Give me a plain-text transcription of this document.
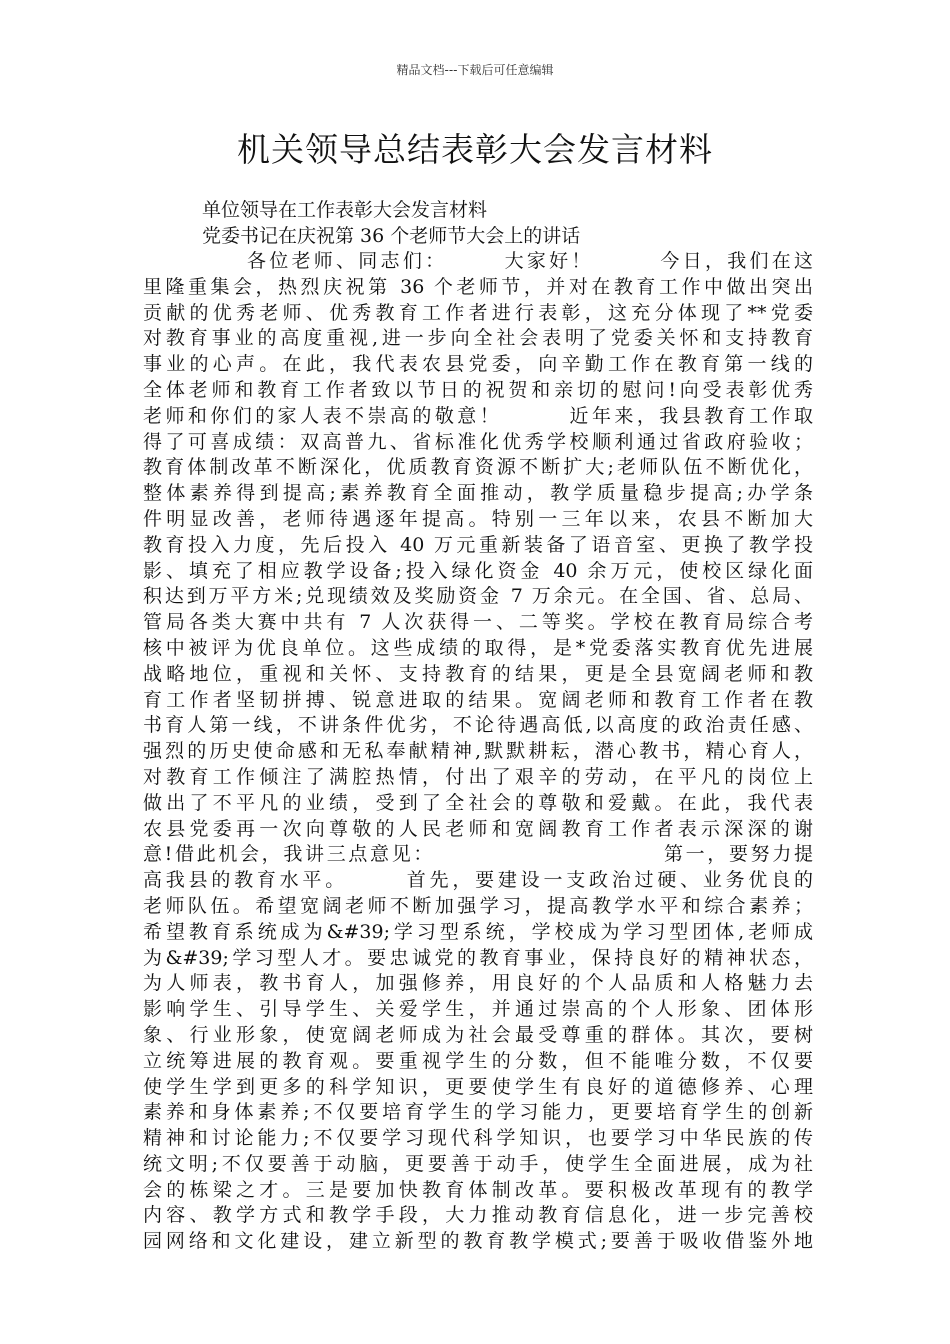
精品文档---下载后可任意编辑
机关领导总结表彰大会发言材料
单位领导在工作表彰大会发言材料
党委书记在庆祝第 36 个老师节大会上的讲话
各位老师、同志们：　　　大家好！　　　今日，我们在这
里隆重集会，热烈庆祝第 36 个老师节，并对在教育工作中做出突出
贡献的优秀老师、优秀教育工作者进行表彰，这充分体现了**党委
对教育事业的高度重视,进一步向全社会表明了党委关怀和支持教育
事业的心声。在此，我代表农县党委，向辛勤工作在教育第一线的
全体老师和教育工作者致以节日的祝贺和亲切的慰问!向受表彰优秀
老师和你们的家人表不崇高的敬意！　　　近年来，我县教育工作取
得了可喜成绩：双高普九、省标准化优秀学校顺利通过省政府验收；
教育体制改革不断深化，优质教育资源不断扩大;老师队伍不断优化，
整体素养得到提高;素养教育全面推动，教学质量稳步提高;办学条
件明显改善，老师待遇逐年提高。特别一三年以来，农县不断加大
教育投入力度，先后投入 40 万元重新装备了语音室、更换了教学投
影、填充了相应教学设备;投入绿化资金 40 余万元，使校区绿化面
积达到万平方米;兑现绩效及奖励资金 7 万余元。在全国、省、总局、
管局各类大赛中共有 7 人次获得一、二等奖。学校在教育局综合考
核中被评为优良单位。这些成绩的取得，是*党委落实教育优先进展
战略地位，重视和关怀、支持教育的结果，更是全县宽阔老师和教
育工作者坚韧拼搏、锐意进取的结果。宽阔老师和教育工作者在教
书育人第一线，不讲条件优劣，不论待遇高低,以高度的政治责任感、
强烈的历史使命感和无私奉献精神,默默耕耘，潜心教书，精心育人，
对教育工作倾注了满腔热情，付出了艰辛的劳动，在平凡的岗位上
做出了不平凡的业绩，受到了全社会的尊敬和爱戴。在此，我代表
农县党委再一次向尊敬的人民老师和宽阔教育工作者表示深深的谢
意!借此机会，我讲三点意见：　　　　　　　　　　　第一，要努力提
高我县的教育水平。　　　首先，要建设一支政治过硬、业务优良的
老师队伍。希望宽阔老师不断加强学习，提高教学水平和综合素养；
希望教育系统成为&#39;学习型系统，学校成为学习型团体,老师成
为&#39;学习型人才。要忠诚党的教育事业，保持良好的精神状态，
为人师表，教书育人，加强修养，用良好的个人品质和人格魅力去
影响学生、引导学生、关爱学生，并通过崇高的个人形象、团体形
象、行业形象，使宽阔老师成为社会最受尊重的群体。其次，要树
立统筹进展的教育观。要重视学生的分数，但不能唯分数，不仅要
使学生学到更多的科学知识，更要使学生有良好的道德修养、心理
素养和身体素养;不仅要培育学生的学习能力，更要培育学生的创新
精神和讨论能力;不仅要学习现代科学知识，也要学习中华民族的传
统文明;不仅要善于动脑，更要善于动手，使学生全面进展，成为社
会的栋梁之才。三是要加快教育体制改革。要积极改革现有的教学
内容、教学方式和教学手段，大力推动教育信息化，进一步完善校
园网络和文化建设，建立新型的教育教学模式;要善于吸收借鉴外地
